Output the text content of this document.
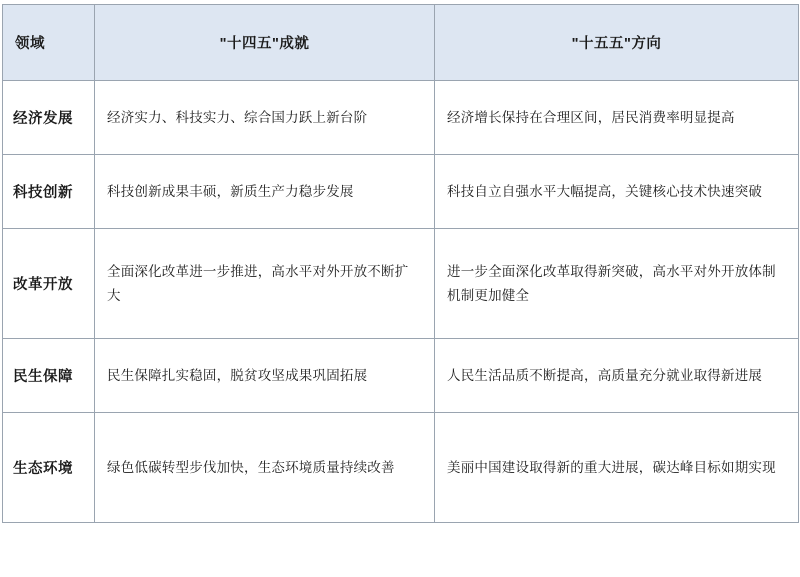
领域	"十四五"成就	"十五五"方向
经济发展	经济实力、科技实力、综合国力跃上新台阶	经济增长保持在合理区间，居民消费率明显提高
科技创新	科技创新成果丰硕，新质生产力稳步发展	科技自立自强水平大幅提高，关键核心技术快速突破
改革开放	全面深化改革进一步推进，高水平对外开放不断扩大	进一步全面深化改革取得新突破，高水平对外开放体制机制更加健全
民生保障	民生保障扎实稳固，脱贫攻坚成果巩固拓展	人民生活品质不断提高，高质量充分就业取得新进展
生态环境	绿色低碳转型步伐加快，生态环境质量持续改善	美丽中国建设取得新的重大进展，碳达峰目标如期实现
